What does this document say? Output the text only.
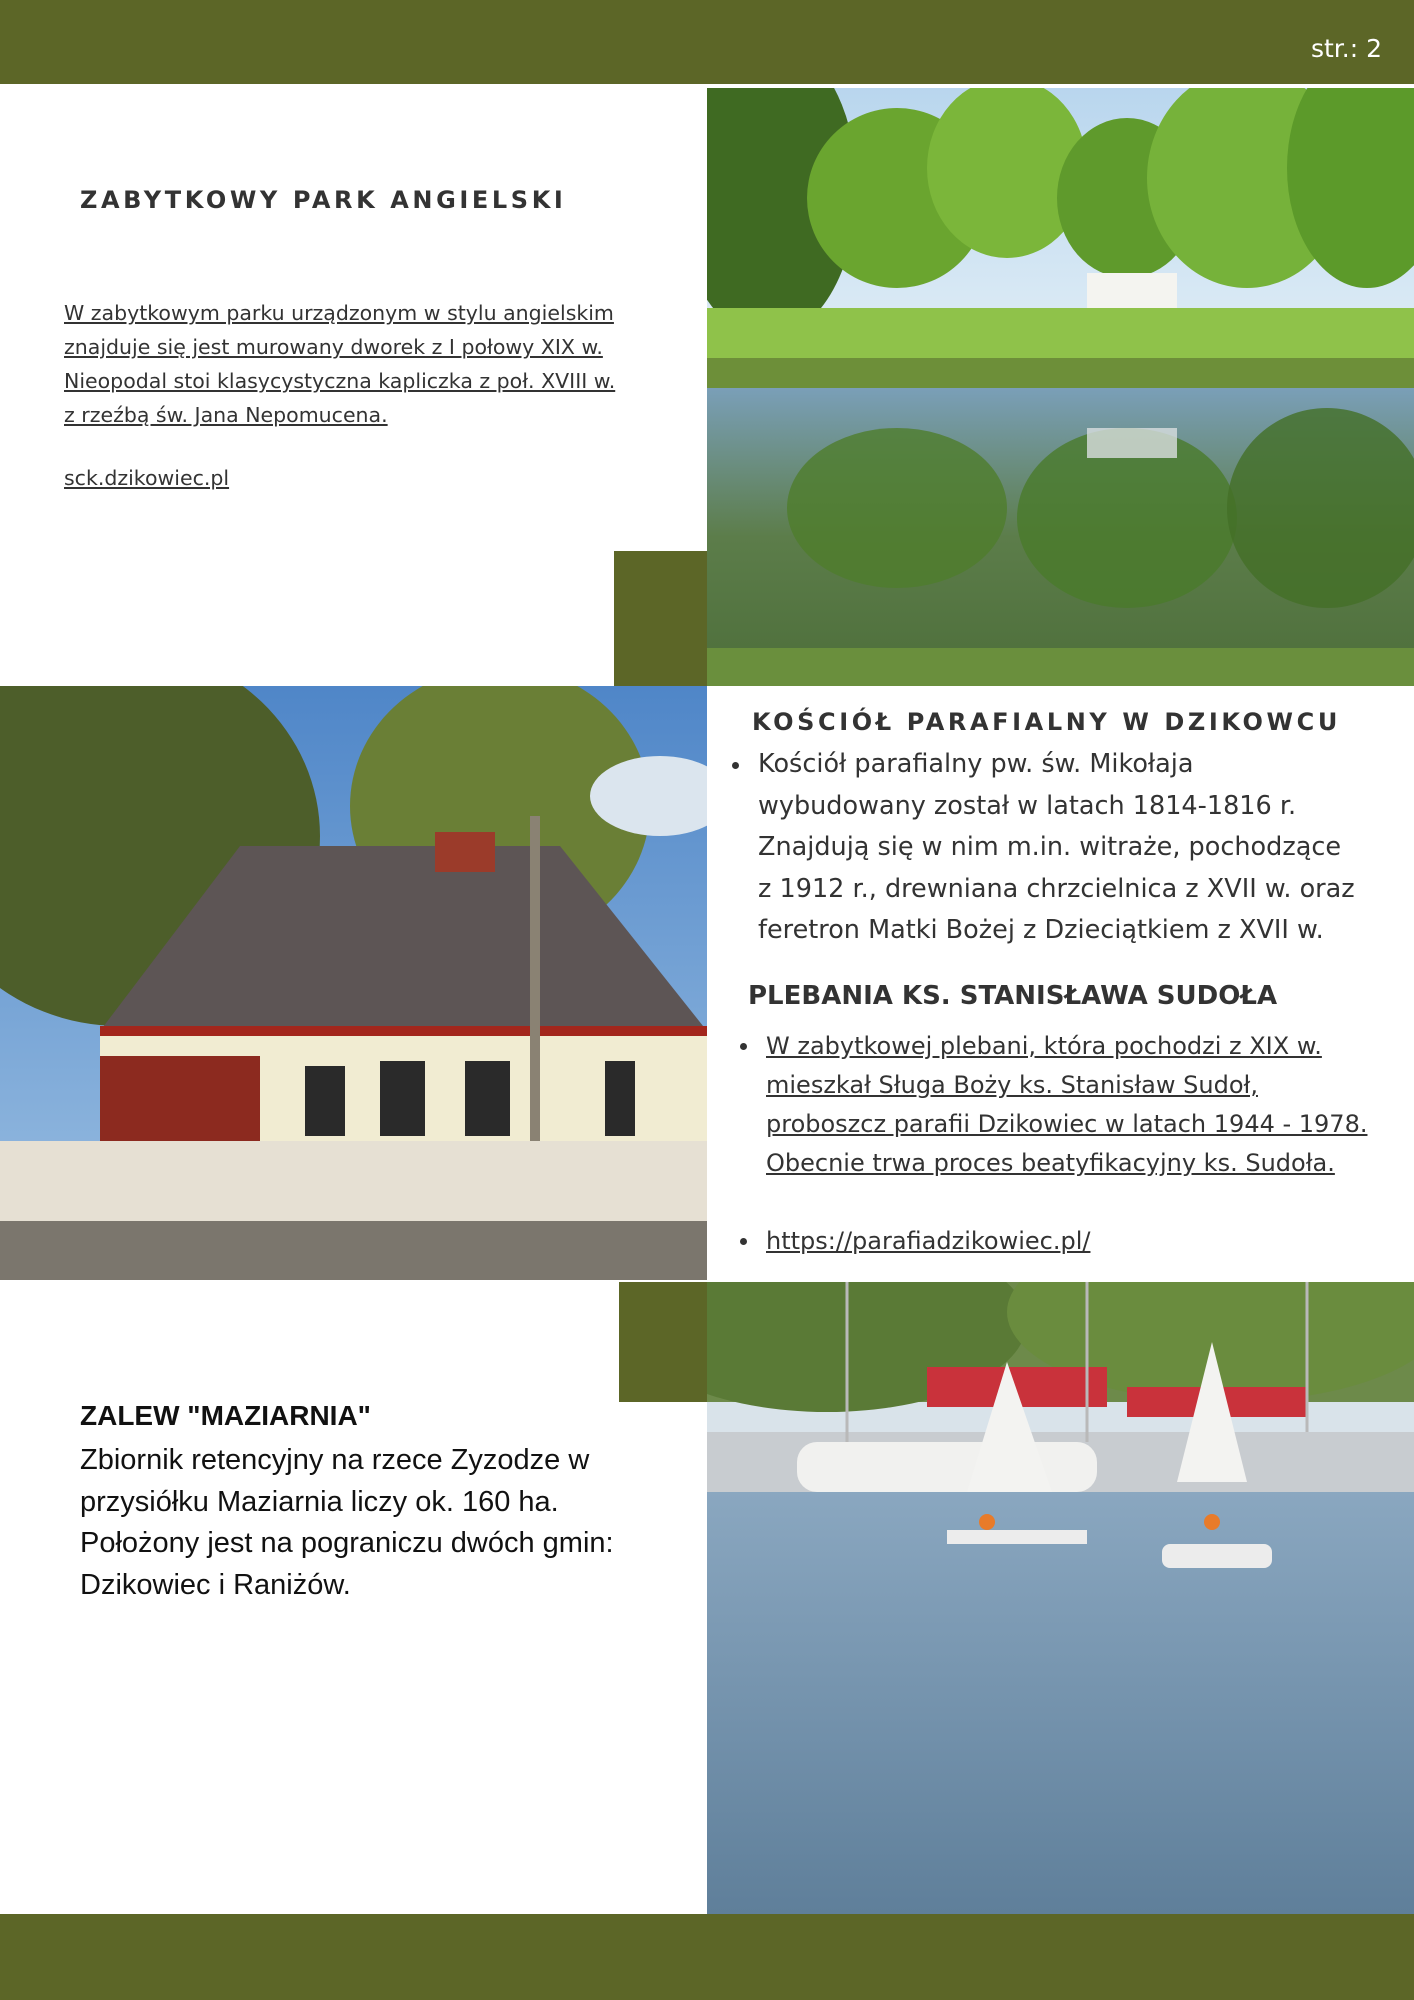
str.: 2
ZABYTKOWY PARK ANGIELSKI
W zabytkowym parku urządzonym w stylu angielskim
znajduje się jest murowany dworek z I połowy XIX w.
Nieopodal stoi klasycystyczna kapliczka z poł. XVIII w.
z rzeźbą św. Jana Nepomucena.
sck.dzikowiec.pl
KOŚCIÓŁ PARAFIALNY W DZIKOWCU
Kościół parafialny pw. św. Mikołaja
wybudowany został w latach 1814-1816 r.
Znajdują się w nim m.in. witraże, pochodzące
z 1912 r., drewniana chrzcielnica z XVII w. oraz
feretron Matki Bożej z Dzieciątkiem z XVII w.
PLEBANIA KS. STANISŁAWA SUDOŁA
W zabytkowej plebani, która pochodzi z XIX w.
mieszkał Sługa Boży ks. Stanisław Sudoł,
proboszcz parafii Dzikowiec w latach 1944 - 1978.
Obecnie trwa proces beatyfikacyjny ks. Sudoła.
https://parafiadzikowiec.pl/
ZALEW "MAZIARNIA"
Zbiornik retencyjny na rzece Zyzodze w
przysiółku Maziarnia liczy ok. 160 ha.
Położony jest na pograniczu dwóch gmin:
Dzikowiec i Raniżów.
